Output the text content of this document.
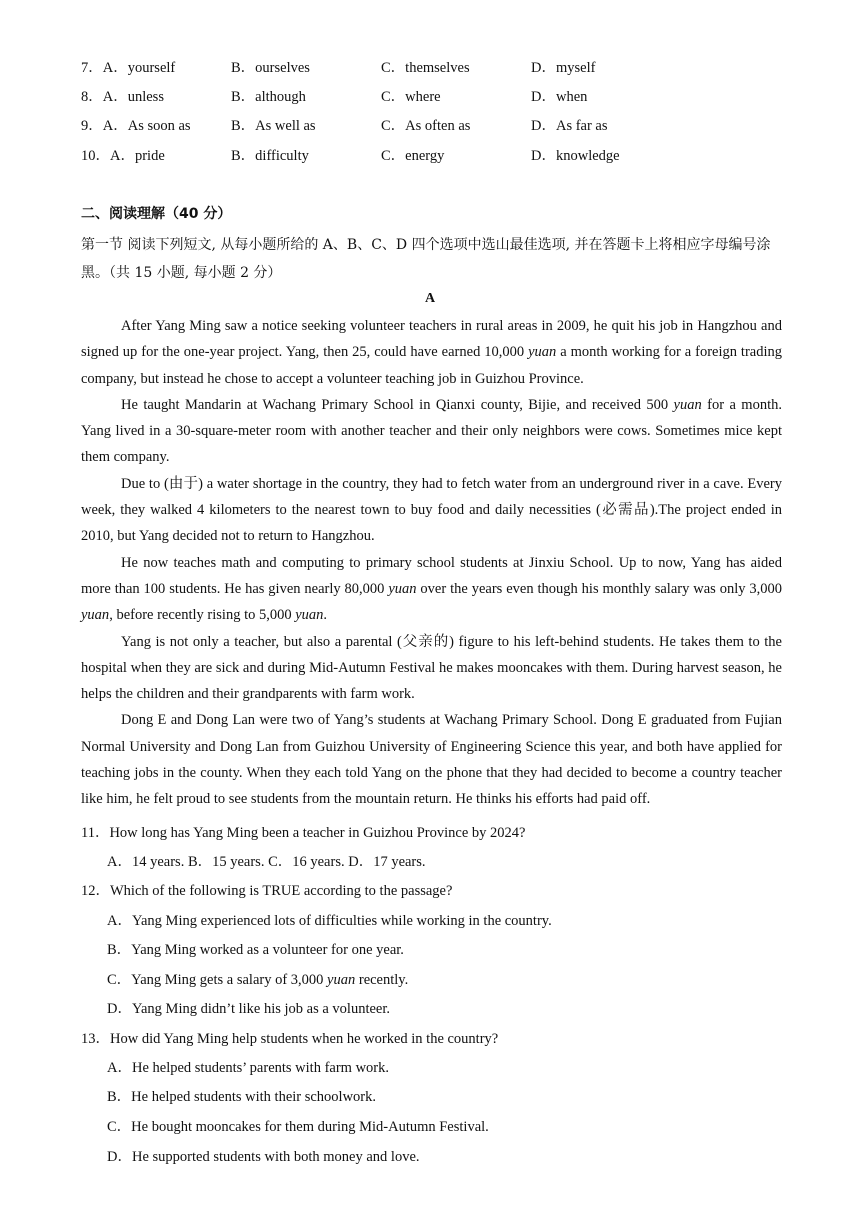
7．A．yourself	B．ourselves	C．themselves	D．myself
8．A．unless	B．although	C．where	D．when
9．A．As soon as	B．As well as	C．As often as	D．As far as
10．A．pride	B．difficulty	C．energy	D．knowledge
二、阅读理解（40 分）
第一节 阅读下列短文, 从每小题所给的 A、B、C、D 四个选项中选山最佳选项, 并在答题卡上将相应字母编号涂黑。（共 15 小题, 每小题 2 分）
A

After Yang Ming saw a notice seeking volunteer teachers in rural areas in 2009, he quit his job in Hangzhou and signed up for the one-year project. Yang, then 25, could have earned 10,000 yuan a month working for a foreign trading company, but instead he chose to accept a volunteer teaching job in Guizhou Province.

He taught Mandarin at Wachang Primary School in Qianxi county, Bijie, and received 500 yuan for a month. Yang lived in a 30-square-meter room with another teacher and their only neighbors were cows. Sometimes mice kept them company.

Due to (由于) a water shortage in the country, they had to fetch water from an underground river in a cave. Every week, they walked 4 kilometers to the nearest town to buy food and daily necessities (必需品).The project ended in 2010, but Yang decided not to return to Hangzhou.

He now teaches math and computing to primary school students at Jinxiu School. Up to now, Yang has aided more than 100 students. He has given nearly 80,000 yuan over the years even though his monthly salary was only 3,000 yuan, before recently rising to 5,000 yuan.

Yang is not only a teacher, but also a parental (父亲的) figure to his left-behind students. He takes them to the hospital when they are sick and during Mid-Autumn Festival he makes mooncakes with them. During harvest season, he helps the children and their grandparents with farm work.

Dong E and Dong Lan were two of Yang’s students at Wachang Primary School. Dong E graduated from Fujian Normal University and Dong Lan from Guizhou University of Engineering Science this year, and both have applied for teaching jobs in the county. When they each told Yang on the phone that they had decided to become a country teacher like him, he felt proud to see students from the mountain return. He thinks his efforts had paid off.

11．How long has Yang Ming been a teacher in Guizhou Province by 2024?
A．14 years. B．15 years. C．16 years. D．17 years.
12．Which of the following is TRUE according to the passage?
A．Yang Ming experienced lots of difficulties while working in the country.
B．Yang Ming worked as a volunteer for one year.
C．Yang Ming gets a salary of 3,000 yuan recently.
D．Yang Ming didn’t like his job as a volunteer.
13．How did Yang Ming help students when he worked in the country?
A．He helped students’ parents with farm work.
B．He helped students with their schoolwork.
C．He bought mooncakes for them during Mid-Autumn Festival.
D．He supported students with both money and love.
